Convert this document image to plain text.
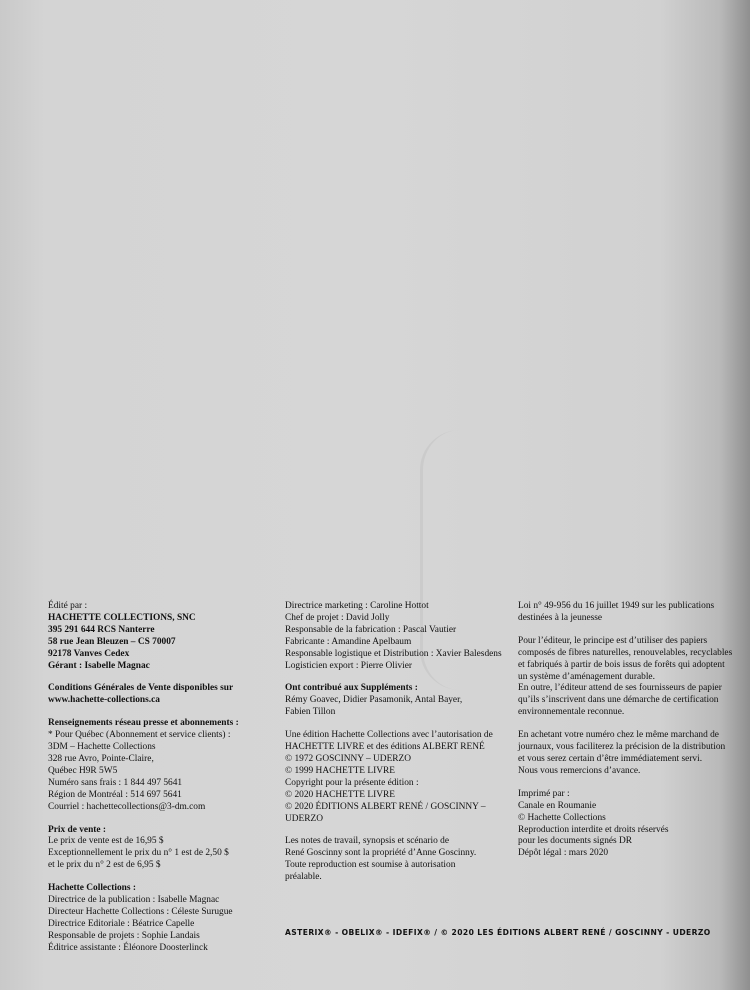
Édité par :
HACHETTE COLLECTIONS, SNC
395 291 644 RCS Nanterre
58 rue Jean Bleuzen – CS 70007
92178 Vanves Cedex
Gérant : Isabelle Magnac
Conditions Générales de Vente disponibles sur
www.hachette-collections.ca
Renseignements réseau presse et abonnements :
* Pour Québec (Abonnement et service clients) :
3DM – Hachette Collections
328 rue Avro, Pointe-Claire,
Québec H9R 5W5
Numéro sans frais : 1 844 497 5641
Région de Montréal : 514 697 5641
Courriel : hachettecollections@3-dm.com
Prix de vente :
Le prix de vente est de 16,95 $
Exceptionnellement le prix du n° 1 est de 2,50 $
et le prix du n° 2 est de 6,95 $
Hachette Collections :
Directrice de la publication : Isabelle Magnac
Directeur Hachette Collections : Céleste Surugue
Directrice Editoriale : Béatrice Capelle
Responsable de projets : Sophie Landais
Éditrice assistante : Éléonore Doosterlinck
Directrice marketing : Caroline Hottot
Chef de projet : David Jolly
Responsable de la fabrication : Pascal Vautier
Fabricante : Amandine Apelbaum
Responsable logistique et Distribution : Xavier Balesdens
Logisticien export : Pierre Olivier
Ont contribué aux Suppléments :
Rémy Goavec, Didier Pasamonik, Antal Bayer,
Fabien Tillon
Une édition Hachette Collections avec l’autorisation de
HACHETTE LIVRE et des éditions ALBERT RENÉ
© 1972 GOSCINNY – UDERZO
© 1999 HACHETTE LIVRE
Copyright pour la présente édition :
© 2020 HACHETTE LIVRE
© 2020 ÉDITIONS ALBERT RENÉ / GOSCINNY –
UDERZO
Les notes de travail, synopsis et scénario de
René Goscinny sont la propriété d’Anne Goscinny.
Toute reproduction est soumise à autorisation
préalable.
Loi n° 49-956 du 16 juillet 1949 sur les publications
destinées à la jeunesse
Pour l’éditeur, le principe est d’utiliser des papiers
composés de fibres naturelles, renouvelables, recyclables
et fabriqués à partir de bois issus de forêts qui adoptent
un système d’aménagement durable.
En outre, l’éditeur attend de ses fournisseurs de papier
qu’ils s’inscrivent dans une démarche de certification
environnementale reconnue.
En achetant votre numéro chez le même marchand de
journaux, vous faciliterez la précision de la distribution
et vous serez certain d’être immédiatement servi.
Nous vous remercions d’avance.
Imprimé par :
Canale en Roumanie
© Hachette Collections
Reproduction interdite et droits réservés
pour les documents signés DR
Dépôt légal : mars 2020
ASTERIX® - OBELIX® - IDEFIX® / © 2020 LES ÉDITIONS ALBERT RENÉ / GOSCINNY - UDERZO
